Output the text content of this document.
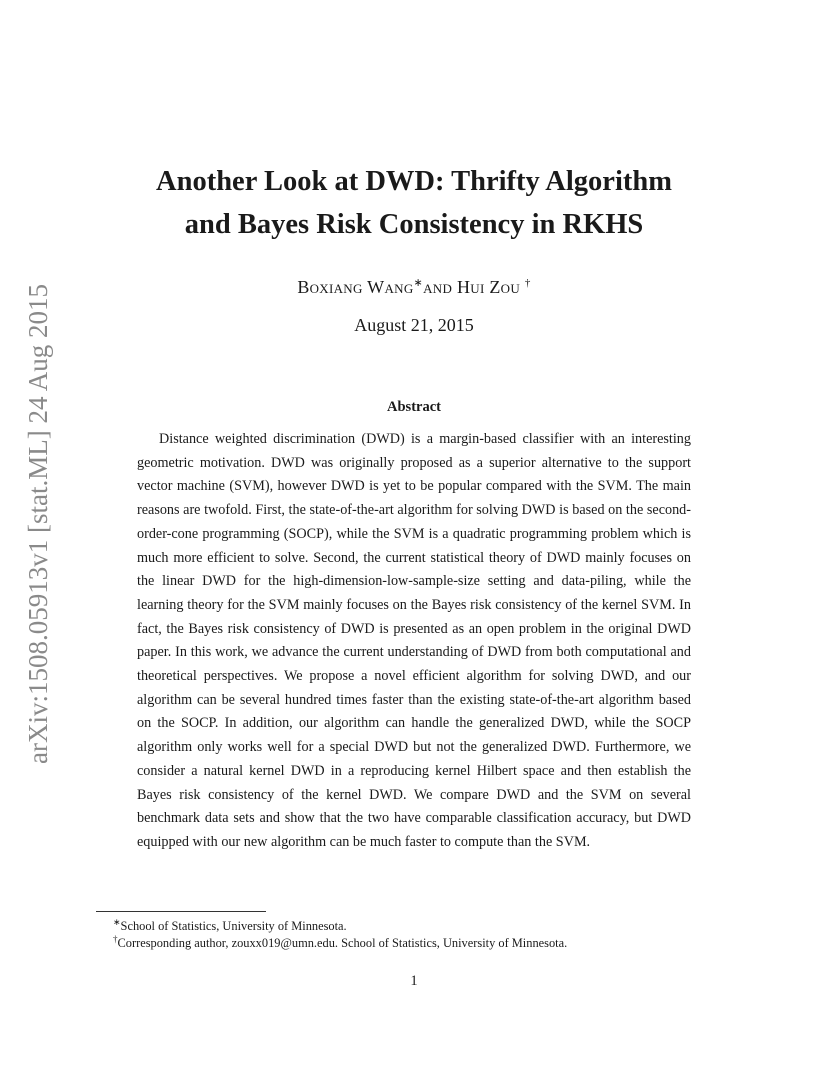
arXiv:1508.05913v1 [stat.ML] 24 Aug 2015
Another Look at DWD: Thrifty Algorithm
and Bayes Risk Consistency in RKHS
Boxiang Wang∗and Hui Zou †
August 21, 2015
Abstract

Distance weighted discrimination (DWD) is a margin-based classifier with an interesting geometric motivation. DWD was originally proposed as a superior alternative to the support vector machine (SVM), however DWD is yet to be popular compared with the SVM. The main reasons are twofold. First, the state-of-the-art algorithm for solving DWD is based on the second-order-cone programming (SOCP), while the SVM is a quadratic programming problem which is much more efficient to solve. Second, the current statistical theory of DWD mainly focuses on the linear DWD for the high-dimension-low-sample-size setting and data-piling, while the learning theory for the SVM mainly focuses on the Bayes risk consistency of the kernel SVM. In fact, the Bayes risk consistency of DWD is presented as an open problem in the original DWD paper. In this work, we advance the current understanding of DWD from both computational and theoretical perspectives. We propose a novel efficient algorithm for solving DWD, and our algorithm can be several hundred times faster than the existing state-of-the-art algorithm based on the SOCP. In addition, our algorithm can handle the generalized DWD, while the SOCP algorithm only works well for a special DWD but not the generalized DWD. Furthermore, we consider a natural kernel DWD in a reproducing kernel Hilbert space and then establish the Bayes risk consistency of the kernel DWD. We compare DWD and the SVM on several benchmark data sets and show that the two have comparable classification accuracy, but DWD equipped with our new algorithm can be much faster to compute than the SVM.

∗School of Statistics, University of Minnesota.
†Corresponding author, zouxx019@umn.edu. School of Statistics, University of Minnesota.
1
